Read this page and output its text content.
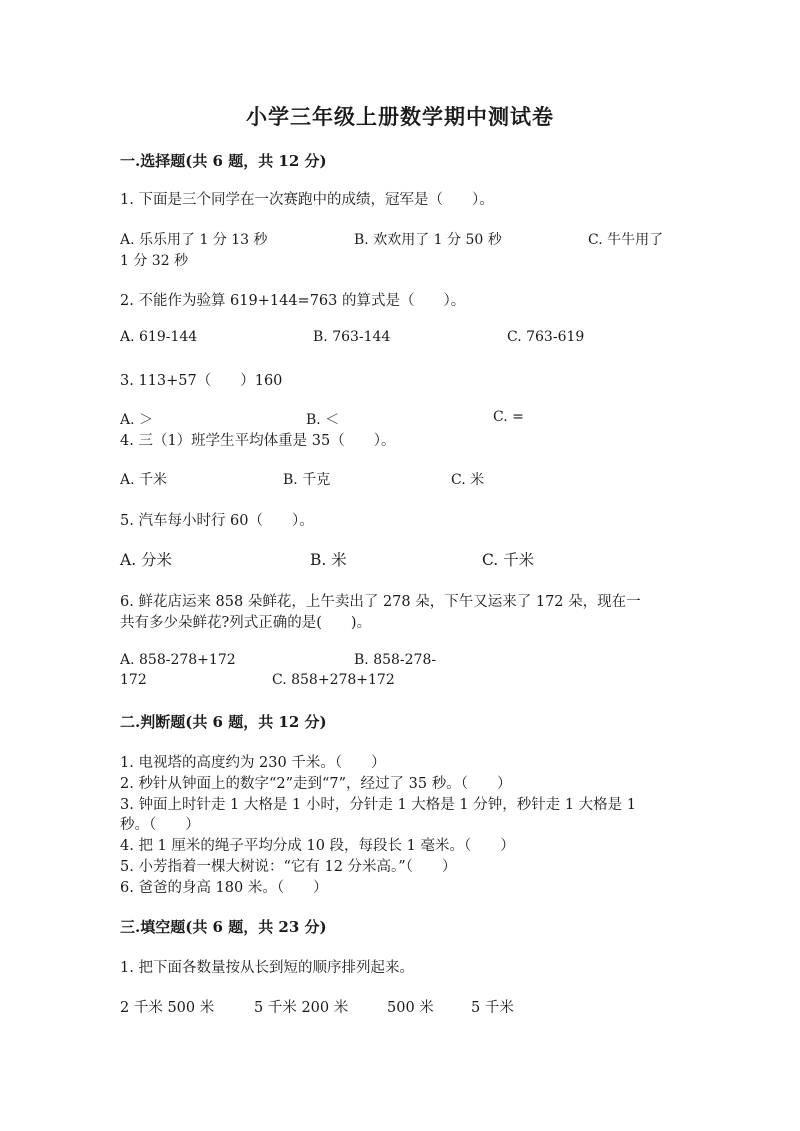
小学三年级上册数学期中测试卷
一.选择题(共 6 题，共 12 分)
1. 下面是三个同学在一次赛跑中的成绩，冠军是（　　）。
A. 乐乐用了 1 分 13 秒	B. 欢欢用了 1 分 50 秒	C. 牛牛用了
1 分 32 秒
2. 不能作为验算 619+144=763 的算式是（　　）。
A. 619-144	B. 763-144	C. 763-619
3. 113+57（　　）160
A. ＞	B. ＜	C. =
4. 三（1）班学生平均体重是 35（　　）。
A. 千米	B. 千克	C. 米
5. 汽车每小时行 60（　　）。
A. 分米	B. 米	C. 千米
6. 鲜花店运来 858 朵鲜花，上午卖出了 278 朵，下午又运来了 172 朵，现在一
共有多少朵鲜花?列式正确的是(　　)。
A. 858-278+172	B. 858-278-
172	C. 858+278+172
二.判断题(共 6 题，共 12 分)
1. 电视塔的高度约为 230 千米。（　　）
2. 秒针从钟面上的数字“2”走到“7”，经过了 35 秒。（　　）
3. 钟面上时针走 1 大格是 1 小时，分针走 1 大格是 1 分钟，秒针走 1 大格是 1
秒。（　　）
4. 把 1 厘米的绳子平均分成 10 段，每段长 1 毫米。（　　）
5. 小芳指着一棵大树说：“它有 12 分米高。”（　　）
6. 爸爸的身高 180 米。（　　）
三.填空题(共 6 题，共 23 分)
1. 把下面各数量按从长到短的顺序排列起来。
2 千米 500 米	5 千米 200 米	500 米	5 千米
